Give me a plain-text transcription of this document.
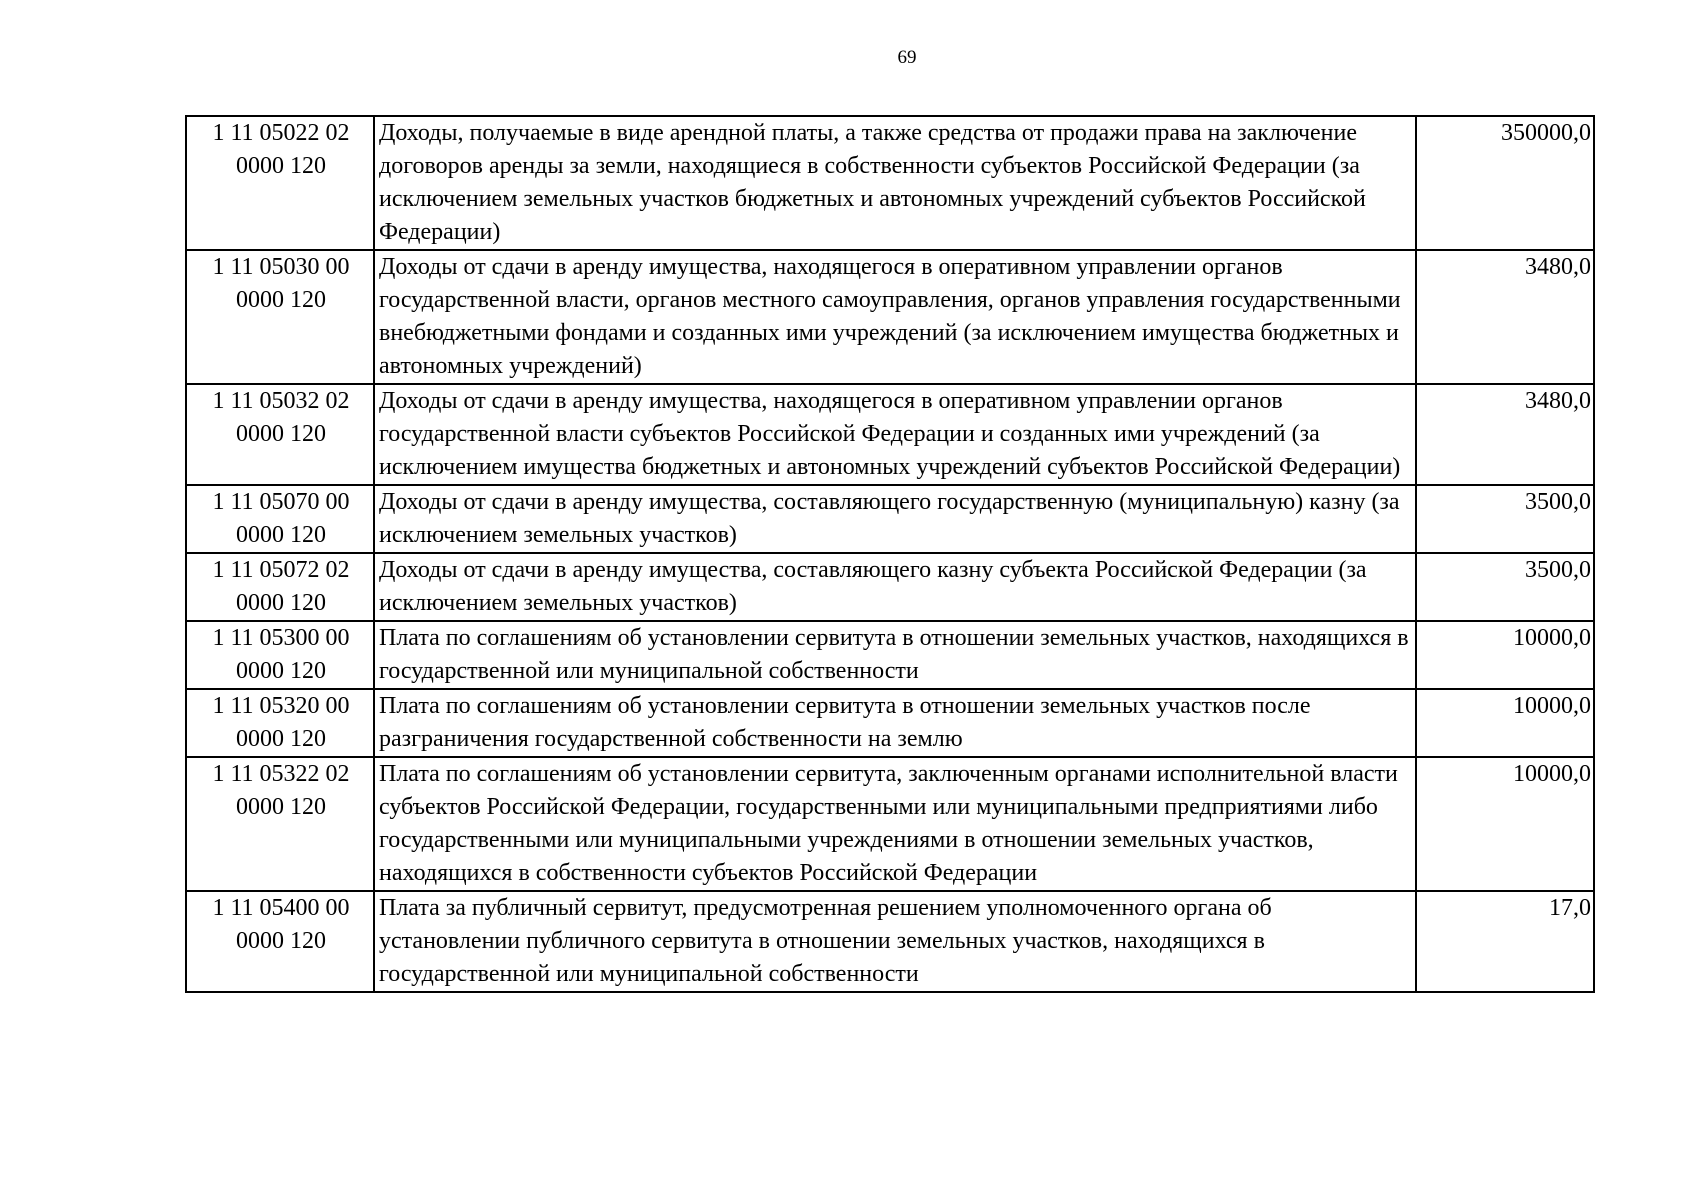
69
1 11 05022 02
0000 120	Доходы, получаемые в виде арендной платы, а также средства от продажи права на заключение договоров аренды за земли, находящиеся в собственности субъектов Российской Федерации (за исключением земельных участков бюджетных и автономных учреждений субъектов Российской Федерации)	350000,0

1 11 05030 00
0000 120	Доходы от сдачи в аренду имущества, находящегося в оперативном управлении органов государственной власти, органов местного самоуправления, органов управления государственными внебюджетными фондами и созданных ими учреждений (за исключением имущества бюджетных и автономных учреждений)	3480,0

1 11 05032 02
0000 120	Доходы от сдачи в аренду имущества, находящегося в оперативном управлении органов государственной власти субъектов Российской Федерации и созданных ими учреждений (за исключением имущества бюджетных и автономных учреждений субъектов Российской Федерации)	3480,0

1 11 05070 00
0000 120	Доходы от сдачи в аренду имущества, составляющего государственную (муниципальную) казну (за исключением земельных участков)	3500,0

1 11 05072 02
0000 120	Доходы от сдачи в аренду имущества, составляющего казну субъекта Российской Федерации (за исключением земельных участков)	3500,0

1 11 05300 00
0000 120	Плата по соглашениям об установлении сервитута в отношении земельных участков, находящихся в государственной или муниципальной собственности	10000,0

1 11 05320 00
0000 120	Плата по соглашениям об установлении сервитута в отношении земельных участков после разграничения государственной собственности на землю	10000,0

1 11 05322 02
0000 120	Плата по соглашениям об установлении сервитута, заключенным органами исполнительной власти субъектов Российской Федерации, государственными или муниципальными предприятиями либо государственными или муниципальными учреждениями в отношении земельных участков, находящихся в собственности субъектов Российской Федерации	10000,0

1 11 05400 00
0000 120	Плата за публичный сервитут, предусмотренная решением уполномоченного органа об установлении публичного сервитута в отношении земельных участков, находящихся в государственной или муниципальной собственности	17,0
